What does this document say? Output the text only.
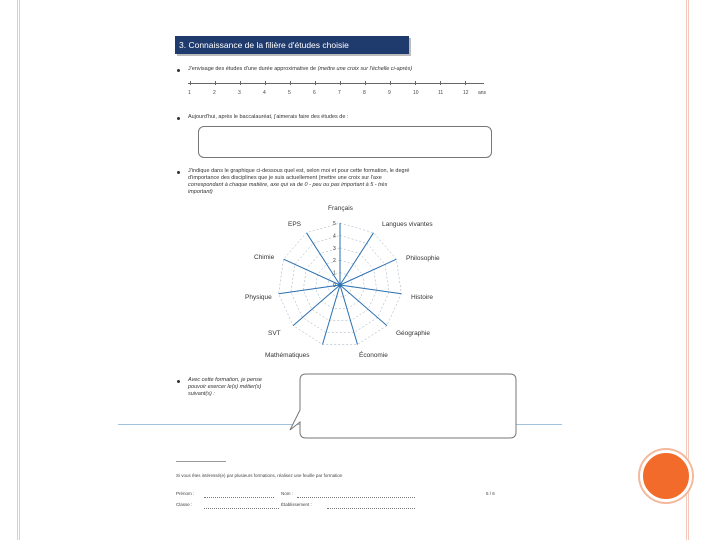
3. Connaissance de la filière d'études choisie
J'envisage des études d'une durée approximative de (mettre une croix sur l'échelle ci-après)
1	2	3	4	5	6	7	8	9	10	11	12 ans
Aujourd'hui, après le baccalauréat, j'aimerais faire des études de :
J'indique dans le graphique ci-dessous quel est, selon moi et pour cette formation, le degré
d'importance des disciplines que je suis actuellement (mettre une croix sur l'axe
correspondant à chaque matière, axe qui va de 0 - peu ou pas important à 5 - très
important)
0
1
2
3
4
5
Français
Langues vivantes
Philosophie
Histoire
Géographie
Économie
Mathématiques
SVT
Physique
Chimie
EPS
Avec cette formation, je pense
pouvoir exercer le(s) métier(s)
suivant(s) :
Si vous êtes intéressé(e) par plusieurs formations, réalisez une feuille par formation
Prénom :	Nom :	5 / 6
Classe :	Établissement :
